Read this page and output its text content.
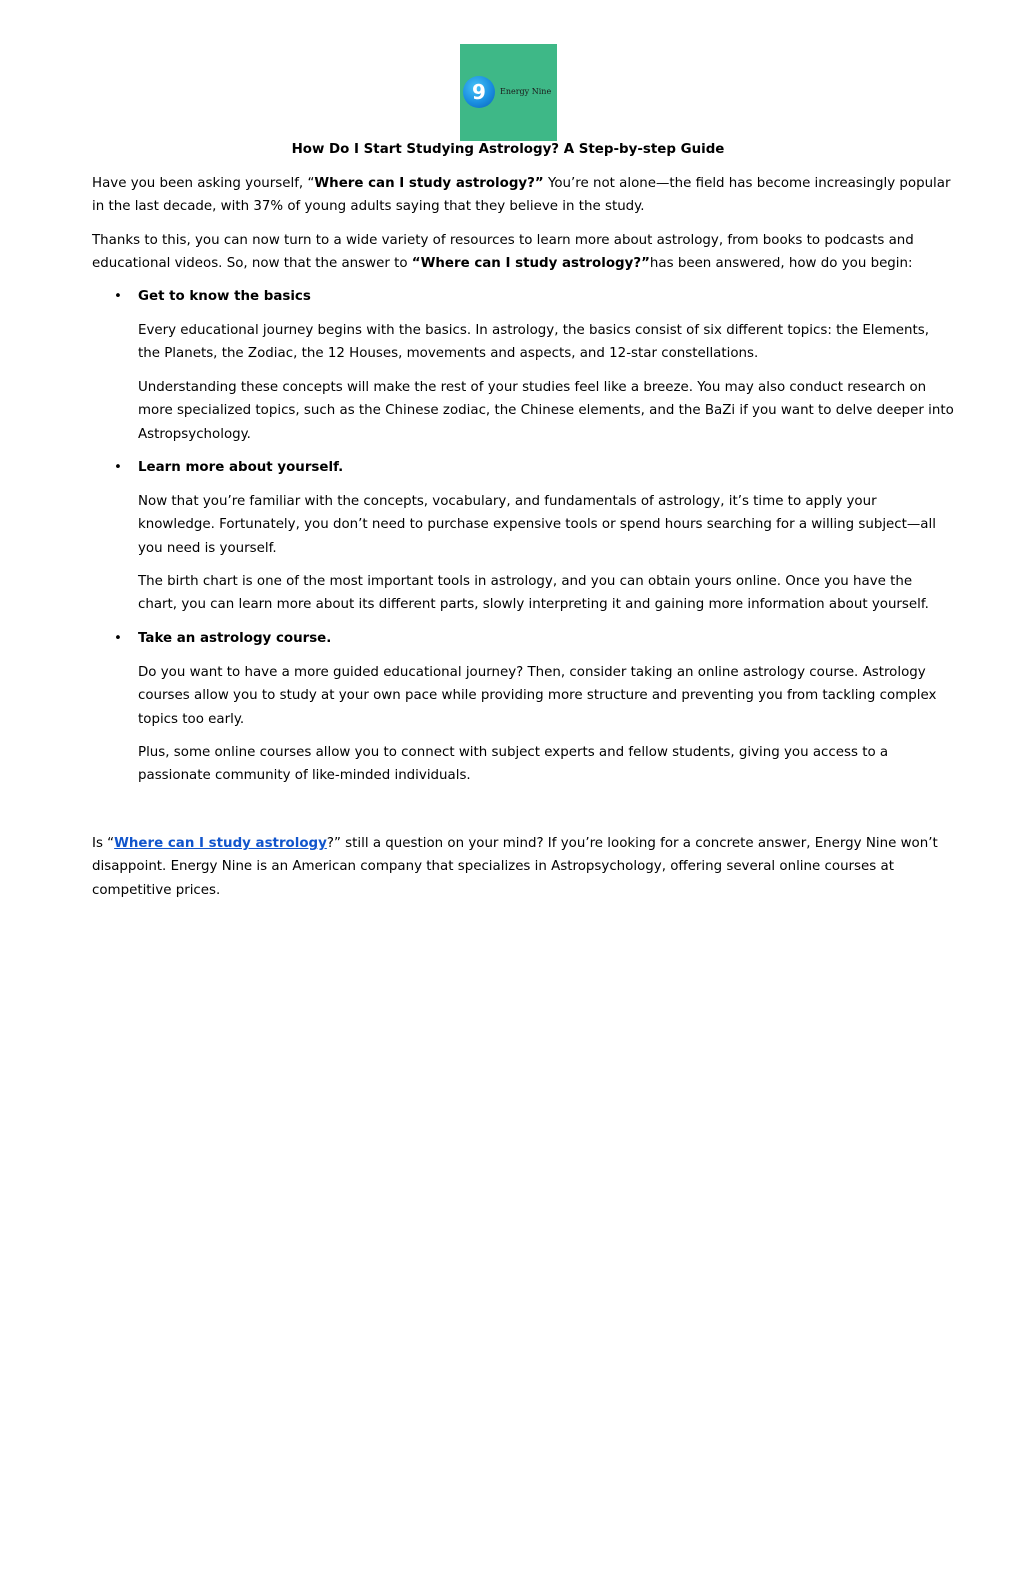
9 Energy Nine
How Do I Start Studying Astrology? A Step-by-step Guide

Have you been asking yourself, “Where can I study astrology?” You’re not alone—the field has become increasingly popular
in the last decade, with 37% of young adults saying that they believe in the study.

Thanks to this, you can now turn to a wide variety of resources to learn more about astrology, from books to podcasts and
educational videos. So, now that the answer to “Where can I study astrology?”has been answered, how do you begin:

• Get to know the basics

Every educational journey begins with the basics. In astrology, the basics consist of six different topics: the Elements,
the Planets, the Zodiac, the 12 Houses, movements and aspects, and 12-star constellations.

Understanding these concepts will make the rest of your studies feel like a breeze. You may also conduct research on
more specialized topics, such as the Chinese zodiac, the Chinese elements, and the BaZi if you want to delve deeper into
Astropsychology.

• Learn more about yourself.

Now that you’re familiar with the concepts, vocabulary, and fundamentals of astrology, it’s time to apply your
knowledge. Fortunately, you don’t need to purchase expensive tools or spend hours searching for a willing subject—all
you need is yourself.

The birth chart is one of the most important tools in astrology, and you can obtain yours online. Once you have the
chart, you can learn more about its different parts, slowly interpreting it and gaining more information about yourself.

• Take an astrology course.

Do you want to have a more guided educational journey? Then, consider taking an online astrology course. Astrology
courses allow you to study at your own pace while providing more structure and preventing you from tackling complex
topics too early.

Plus, some online courses allow you to connect with subject experts and fellow students, giving you access to a
passionate community of like-minded individuals.

Is “Where can I study astrology?” still a question on your mind? If you’re looking for a concrete answer, Energy Nine won’t
disappoint. Energy Nine is an American company that specializes in Astropsychology, offering several online courses at
competitive prices.
